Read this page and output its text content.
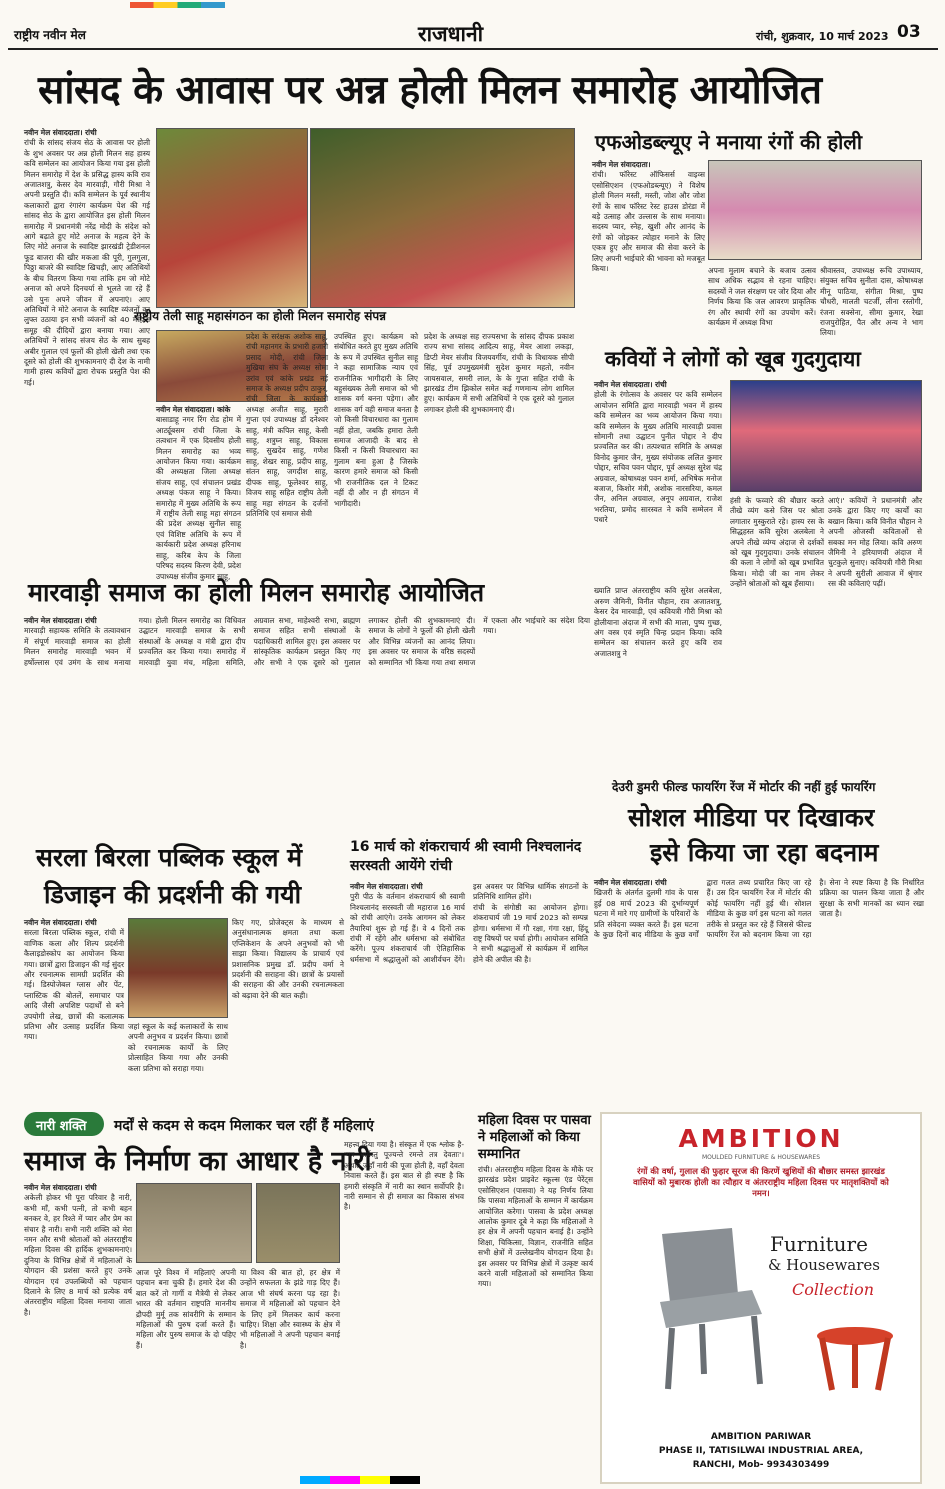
राष्ट्रीय नवीन मेल	राजधानी	रांची, शुक्रवार, 10 मार्च 2023 03
सांसद के आवास पर अन्न होली मिलन समारोह आयोजित
नवीन मेल संवाददाता। रांची
रांची के सांसद संजय सेठ के आवास पर होली के शुभ अवसर पर अन्न होली मिलन सह हास्य कवि सम्मेलन का आयोजन किया गया इस होली मिलन समारोह में देश के प्रसिद्ध हास्य कवि राव अजातशत्रु, केसर देव मारवाड़ी, गौरी मिश्रा ने अपनी प्रस्तुति दी। कवि सम्मेलन के पूर्व स्थानीय कलाकारों द्वारा रंगारंग कार्यक्रम पेश की गई सांसद सेठ के द्वारा आयोजित इस होली मिलन समारोह में प्रधानमंत्री नरेंद्र मोदी के संदेश को आगे बढ़ाते हुए मोटे अनाज के महत्व देने के लिए मोटे अनाज के स्वादिष्ट झारखंडी ट्रेडीशनल फूड बाजरा की खीर मकआ की पूरी, गुलगुला, पिठ्ठा बाजरे की स्वादिष्ट खिचड़ी, आए अतिथियों के बीच वितरण किया गया तांकि हम जो मोटे अनाज को अपने दिनचर्या से भूलते जा रहे हैं उसे पुनः अपने जीवन में अपनाएं। आए अतिथियों ने मोटे अनाज के स्वादिष्ट व्यंजनों का लुफ्त उठाया इन सभी व्यंजनों को 40 महिला समूह की दीदियों द्वारा बनाया गया। आए अतिथियों ने सांसद संजय सेठ के साथ सुबह अबीर गुलाल एवं फूलों की होली खेली तथा एक दूसरे को होली की शुभकामनाएं दी देश के नामी गामी हास्य कवियों द्वारा रोचक प्रस्तुति पेश की गई।
राष्ट्रीय तेली साहू महासंगठन का होली मिलन समारोह संपन्न
नवीन मेल संवाददाता। कांके
बासाडाहू नगर रिंग रोड होम में आर्ट्यूबसम रांची जिला के तत्वधान में एक दिवसीय होली मिलन समारोह का भव्य आयोजन किया गया। कार्यक्रम की अध्यक्षता जिला अध्यक्ष संजय साहू, एवं संचालन प्रखंड अध्यक्ष पंकज साहू ने किया। समारोह में मुख्य अतिथि के रूप में राष्ट्रीय तेली साहू महा संगठन की प्रदेश अध्यक्ष सुनील साहू एवं विशिष्ट अतिथि के रूप में कार्यकारी प्रदेश अध्यक्ष हरिनाथ साहू, करिब केप के जिला परिषद सदस्य किरण देवी, प्रदेश उपाध्यक्ष संजीव कुमार साहू,
प्रदेश के सरंक्षक अशोक साहू, रांची महानगर के प्रभारी हजारी प्रसाद मोदी, रांची जिला मुखिया संघ के अध्यक्ष सोमा उरांव एवं कांके प्रखंड नई समाज के अध्यक्ष प्रदीप ठाकुर, रांची जिला के कार्यकारी अध्यक्ष अजीत साहू, मुरारी गुप्ता एवं उपाध्यक्ष डॉ दनेश्वर साहू, मंत्री कपिल साहू, केसी साहू, शत्रुघ्न साहू, विकास साहू, सुखदेव साहू, गणेश साहू, शेखर साहू, प्रदीप साहू, संतन साहू, जगदीश साहू, दीपक साहू, फूलेश्वर साहू, विजय साहू सहित राष्ट्रीय तेली साहू महा संगठन के दर्जनों प्रतिनिधि एवं समाज सेवी
उपस्थित हुए। कार्यक्रम को संबोधित करते हुए मुख्य अतिथि के रूप में उपस्थित सुनील साहू ने कहा सामाजिक न्याय एवं राजनीतिक भागीदारी के लिए बहुसंख्यक तेली समाज को भी शासक वर्ग बनना पड़ेगा। और शासक वर्ग वही समाज बनता है जो किसी विचारधारा का गुलाम नहीं होता, जबकि हमारा तेली समाज आजादी के बाद से किसी न किसी विचारधारा का गुलाम बना हुआ है जिसके कारण हमारे समाज को किसी भी राजनीतिक दल ने टिकट नहीं दी और न ही संगठन में भागीदारी।
प्रदेश के अध्यक्ष सह राज्यसभा के सांसद दीपक प्रकाश राज्य सभा सांसद आदित्य साहू, मेयर आशा लकड़ा, डिप्टी मेयर संजीव विजयवर्गीय, रांची के विधायक सीपी सिंह, पूर्व उपमुख्यमंत्री सुदेश कुमार महतो, नवीन जायसवाल, समरी लाल, के के गुप्ता सहित रांची के झारखंड टीम झिकोल समेत कई गणमान्य लोग शामिल हुए। कार्यक्रम में सभी अतिथियों ने एक दूसरे को गुलाल लगाकर होली की शुभकामनाएं दी।
एफओडब्ल्यूए ने मनाया रंगों की होली
नवीन मेल संवाददाता।
रांची। फॉरेस्ट ऑफिसर्स वाइव्स एसोसिएशन (एफओडब्ल्यूए) ने विशेष होली मिलन मस्ती, मस्ती, जोश और जोश रंगों के साथ फॉरेस्ट रेस्ट हाउस डोरंडा में बड़े उत्साह और उल्लास के साथ मनाया। सदस्य प्यार, स्नेह, खुशी और आनंद के रंगों को जोड़कर त्योहार मनाने के लिए एकत्र हुए और समाज की सेवा करने के लिए अपनी भाईचारे की भावना को मजबूत किया।	अपना मुलाम बचाने के बजाय उत्सव साथ अधिक सद्भाव से रहना चाहिए। सदस्यों ने जल संरक्षण पर जोर दिया और निर्णय किया कि जल आवरण प्राकृतिक रंग और स्थायी रंगों का उपयोग करें। कार्यक्रम में अध्यक्ष विभा
श्रीवास्तव, उपाध्यक्ष रूचि उपाध्याय, संयुक्त सचिव सुनीता दास, कोषाध्यक्ष मीनू पाठिया, संगीता मिश्रा, पुष्प चौधरी, मालती चटर्जी, लीना रस्तोगी, रंजना सक्सेना, सीमा कुमार, रेखा राजपुरोहित, पैत और अन्य ने भाग लिया।
कवियों ने लोगों को खूब गुदगुदाया
नवीन मेल संवाददाता। रांची
होली के रंगोत्सव के अवसर पर कवि सम्मेलन आयोजन समिति द्वारा मारवाड़ी भवन में हास्य कवि सम्मेलन का भव्य आयोजन किया गया। कवि सम्मेलन के मुख्य अतिथि मारवाड़ी प्रवास सोमानी तथा उद्घाटन पुनीत पोद्दार ने दीप प्रज्वलित कर की। तत्पश्चात समिति के अध्यक्ष विनोद कुमार जैन, मुख्य संयोजक ललित कुमार पोद्दार, सचिव पवन पोद्दार, पूर्व अध्यक्ष सुरेश चंद्र अग्रवाल, कोषाध्यक्ष पवन शर्मा, अभिषेक मनोज बजाज, किशोर मंत्री, अशोक नारसरिया, कमल जैन, अनिल अग्रवाल, अनूप अग्रवाल, राजेश भरतिया, प्रमोद सारस्वत ने कवि सम्मेलन में पधारे
ख्याति प्राप्त अंतरराष्ट्रीय कवि सुरेश अलबेला, अरुण जैमिनी, विनीत चौहान, राव अजातशत्रु, केसर देव मारवाड़ी, एवं कवियत्री गौरी मिश्रा को होलीयाना अंदाज में सभी की माला, पुष्प गुच्छ, अंग वस्त्र एवं स्मृति चिन्ह प्रदान किया। कवि सम्मेलन का संचालन करते हुए कवि राव अजातशत्रु ने
हंसी के फव्वारे की बौछार करते तीखे व्यंग कसे जिस पर श्रोता लगातार मुस्कुराते रहे। हास्य रस के सिद्धहस्त कवि सुरेश अलबेला ने अपने तीखे व्यंग्य अंदाज से दर्शकों को खूब गुदगुदाया। उनके संचालन की कला ने लोगों को खूब प्रभावित किया। मोदी जी का नाम लेकर उन्होंने श्रोताओं को खूब हँसाया।
आएं।' कवियों ने प्रधानमंत्री और उनके द्वारा किए गए कार्यों का बखान किया। कवि विनीत चौहान ने अपनी ओजस्वी कविताओं से सबका मन मोह लिया। कवि अरुण जैमिनी ने हरियाणवी अंदाज में चुटकुले सुनाए। कवियत्री गौरी मिश्रा ने अपनी सुरीली आवाज में श्रृंगार रस की कविताएं पढ़ीं।
मारवाड़ी समाज का होली मिलन समारोह आयोजित
नवीन मेल संवाददाता। रांची
मारवाड़ी सहायक समिति के तत्वावधान में संपूर्ण मारवाड़ी समाज का होली मिलन समारोह मारवाड़ी भवन में हर्षोल्लास एवं उमंग के साथ मनाया गया। होली मिलन समारोह का विधिवत उद्घाटन मारवाड़ी समाज के सभी संस्थाओं के अध्यक्ष व मंत्री द्वारा दीप प्रज्वलित कर किया गया। समारोह में मारवाड़ी युवा मंच, महिला समिति, अग्रवाल सभा, माहेश्वरी सभा, ब्राह्मण समाज सहित सभी संस्थाओं के पदाधिकारी शामिल हुए। इस अवसर पर सांस्कृतिक कार्यक्रम प्रस्तुत किए गए और सभी ने एक दूसरे को गुलाल लगाकर होली की शुभकामनाएं दी। समाज के लोगों ने फूलों की होली खेली और विभिन्न व्यंजनों का आनंद लिया। इस अवसर पर समाज के वरिष्ठ सदस्यों को सम्मानित भी किया गया तथा समाज में एकता और भाईचारे का संदेश दिया गया।
देउरी डुमरी फील्ड फायरिंग रेंज में मोर्टार की नहीं हुई फायरिंग
सोशल मीडिया पर दिखाकर
इसे किया जा रहा बदनाम
नवीन मेल संवाददाता। रांची
खिजरी के अंतर्गत दुलमी गांव के पास हुई 08 मार्च 2023 की दुर्भाग्यपूर्ण घटना में मारे गए ग्रामीणों के परिवारों के प्रति संवेदना व्यक्त करते हैं। इस घटना के कुछ दिनों बाद मीडिया के कुछ वर्गों द्वारा गलत तथ्य प्रचारित किए जा रहे हैं। उस दिन फायरिंग रेंज में मोर्टार की कोई फायरिंग नहीं हुई थी। सोशल मीडिया के कुछ वर्ग इस घटना को गलत तरीके से प्रस्तुत कर रहे हैं जिससे फील्ड फायरिंग रेंज को बदनाम किया जा रहा है। सेना ने स्पष्ट किया है कि निर्धारित प्रक्रिया का पालन किया जाता है और सुरक्षा के सभी मानकों का ध्यान रखा जाता है।
सरला बिरला पब्लिक स्कूल में
डिजाइन की प्रदर्शनी की गयी
नवीन मेल संवाददाता। रांची
सरला बिरला पब्लिक स्कूल, रांची में वाणिक कला और शिल्प प्रदर्शनी कैलाइडोस्कोप का आयोजन किया गया। छात्रों द्वारा डिजाइन की गई सुंदर और रचनात्मक सामग्री प्रदर्शित की गई। डिस्पोजेबल ग्लास और पेंट, प्लास्टिक की बोतलें, समाचार पत्र आदि जैसी अपशिष्ट पदार्थों से बने उपयोगी लेख, छात्रों की कलात्मक प्रतिभा और उत्साह प्रदर्शित किया गया।
जहां स्कूल के कई कलाकारों के साथ अपनी अनुभव व प्रदर्शन किया। छात्रों को रचनात्मक कार्यों के लिए प्रोत्साहित किया गया और उनकी कला प्रतिभा को सराहा गया।
किए गए, प्रोजेक्ट्स के माध्यम से अनुसंधानात्मक क्षमता तथा कला एप्लिकेशन के अपने अनुभवों को भी साझा किया। विद्यालय के प्राचार्य एवं प्रशासनिक प्रमुख डॉ. प्रदीप वर्मा ने प्रदर्शनी की सराहना की। छात्रों के प्रयासों की सराहना की और उनकी रचनात्मकता को बढ़ावा देने की बात कही।
16 मार्च को शंकराचार्य श्री स्वामी निश्चलानंद सरस्वती आयेंगे रांची
नवीन मेल संवाददाता। रांची
पुरी पीठ के वर्तमान शंकराचार्य श्री स्वामी निश्चलानंद सरस्वती जी महाराज 16 मार्च को रांची आएंगे। उनके आगमन को लेकर तैयारियां शुरू हो गई हैं। वे 4 दिनों तक रांची में रहेंगे और धर्मसभा को संबोधित करेंगे। पूज्य शंकराचार्य जी ऐतिहासिक धर्मसभा में श्रद्धालुओं को आशीर्वचन देंगे। इस अवसर पर विभिन्न धार्मिक संगठनों के प्रतिनिधि शामिल होंगे।
रांची के संगोष्ठी का आयोजन होगा। शंकराचार्य जी 19 मार्च 2023 को सम्पन्न होगा। धर्मसभा में गौ रक्षा, गंगा रक्षा, हिंदू राष्ट्र विषयों पर चर्चा होगी। आयोजन समिति ने सभी श्रद्धालुओं से कार्यक्रम में शामिल होने की अपील की है।
नारी शक्ति मर्दों से कदम से कदम मिलाकर चल रहीं हैं महिलाएं
समाज के निर्माण का आधार है नारी
नवीन मेल संवाददाता। रांची
अकेली होकर भी पूरा परिवार है नारी, कभी माँ, कभी पत्नी, तो कभी बहन बनकर वे, हर रिश्ते में प्यार और प्रेम का संचार है नारी। सभी नारी शक्ति को मेरा नमन और सभी श्रोताओं को अंतरराष्ट्रीय महिला दिवस की हार्दिक शुभकामनाएं। दुनिया के विभिन्न क्षेत्रों में महिलाओं के योगदान की प्रशंसा करते हुए उनके योगदान एवं उपलब्धियों को पहचान दिलाने के लिए 8 मार्च को प्रत्येक वर्ष अंतरराष्ट्रीय महिला दिवस मनाया जाता है।
आज पूरे विश्व में महिलाएं अपनी पहचान बना चुकी हैं। हमारे देश की बात करें तो गार्गी व मैत्रेयी से लेकर भारत की वर्तमान राष्ट्रपति माननीय द्रौपदी मुर्मू तक सांवरीगि के सम्मान महिलाओं की पुरुष दर्जा करते हैं। महिला और पुरुष समाज के दो पहिए हैं।
या विश्व की बात हो, हर क्षेत्र में उन्होंने सफलता के झंडे गाड़ दिए हैं। आज भी संघर्ष करना पड़ रहा है। समाज में महिलाओं को पहचान देने के लिए हमें मिलकर कार्य करना चाहिए। शिक्षा और स्वास्थ्य के क्षेत्र में भी महिलाओं ने अपनी पहचान बनाई है।
महत्त्व दिया गया है। संस्कृत में एक श्लोक है- 'यत्र नार्यस्तु पूज्यन्ते रमन्ते तत्र देवताः'। अर्थात जहाँ नारी की पूजा होती है, वहाँ देवता निवास करते हैं। इस बात से ही स्पष्ट है कि हमारी संस्कृति में नारी का स्थान सर्वोपरि है। नारी सम्मान से ही समाज का विकास संभव है।
महिला दिवस पर पासवा ने महिलाओं को किया सम्मानित
रांची। अंतरराष्ट्रीय महिला दिवस के मौके पर झारखंड प्रदेश प्राइवेट स्कूल्स एंड पेरेंट्स एसोसिएशन (पासवा) ने यह निर्णय लिया कि पासवा महिलाओं के सम्मान में कार्यक्रम आयोजित करेगा। पासवा के प्रदेश अध्यक्ष आलोक कुमार दूबे ने कहा कि महिलाओं ने हर क्षेत्र में अपनी पहचान बनाई है। उन्होंने शिक्षा, चिकित्सा, विज्ञान, राजनीति सहित सभी क्षेत्रों में उल्लेखनीय योगदान दिया है। इस अवसर पर विभिन्न क्षेत्रों में उत्कृष्ट कार्य करने वाली महिलाओं को सम्मानित किया गया।
AMBITION
MOULDED FURNITURE & HOUSEWARES
रंगों की वर्षा, गुलाल की फुहार सूरज की किरणें खुशियों की बौछार समस्त झारखंड वासियों को मुबारक होली का त्यौहार व अंतरराष्ट्रीय महिला दिवस पर मातृशक्तियों को नमन।
Furniture
& Housewares
Collection
AMBITION PARIWAR
PHASE II, TATISILWAI INDUSTRIAL AREA,
RANCHI, Mob- 9934303499
